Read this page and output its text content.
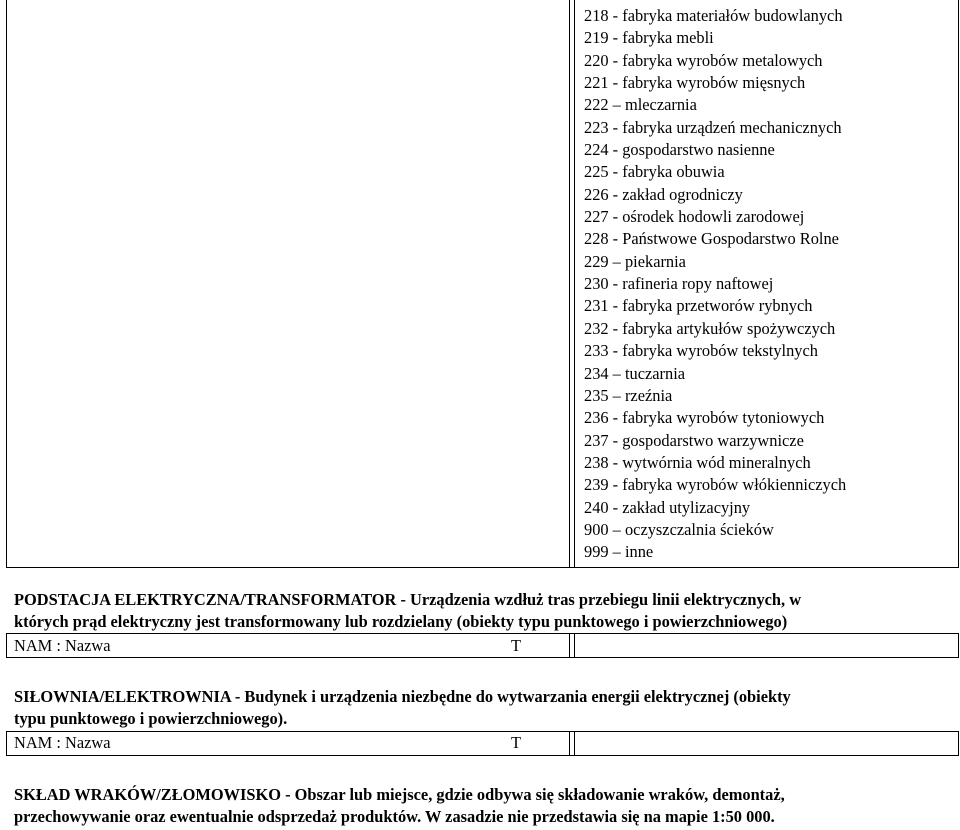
218 - fabryka materiałów budowlanych
219 - fabryka mebli
220 - fabryka wyrobów metalowych
221 - fabryka wyrobów mięsnych
222 – mleczarnia
223 - fabryka urządzeń mechanicznych
224 - gospodarstwo nasienne
225 - fabryka obuwia
226 - zakład ogrodniczy
227 - ośrodek hodowli zarodowej
228 - Państwowe Gospodarstwo Rolne
229 – piekarnia
230 - rafineria ropy naftowej
231 - fabryka przetworów rybnych
232 - fabryka artykułów spożywczych
233 - fabryka wyrobów tekstylnych
234 – tuczarnia
235 – rzeźnia
236 - fabryka wyrobów tytoniowych
237 - gospodarstwo warzywnicze
238 - wytwórnia wód mineralnych
239 - fabryka wyrobów włókienniczych
240 - zakład utylizacyjny
900 – oczyszczalnia ścieków
999 – inne

PODSTACJA ELEKTRYCZNA/TRANSFORMATOR - Urządzenia wzdłuż tras przebiegu linii elektrycznych, w

których prąd elektryczny jest transformowany lub rozdzielany (obiekty typu punktowego i powierzchniowego)

NAM : Nazwa	T

SIŁOWNIA/ELEKTROWNIA - Budynek i urządzenia niezbędne do wytwarzania energii elektrycznej (obiekty

typu punktowego i powierzchniowego).

NAM : Nazwa	T

SKŁAD WRAKÓW/ZŁOMOWISKO - Obszar lub miejsce, gdzie odbywa się składowanie wraków, demontaż,

przechowywanie oraz ewentualnie odsprzedaż produktów. W zasadzie nie przedstawia się na mapie 1:50 000.
